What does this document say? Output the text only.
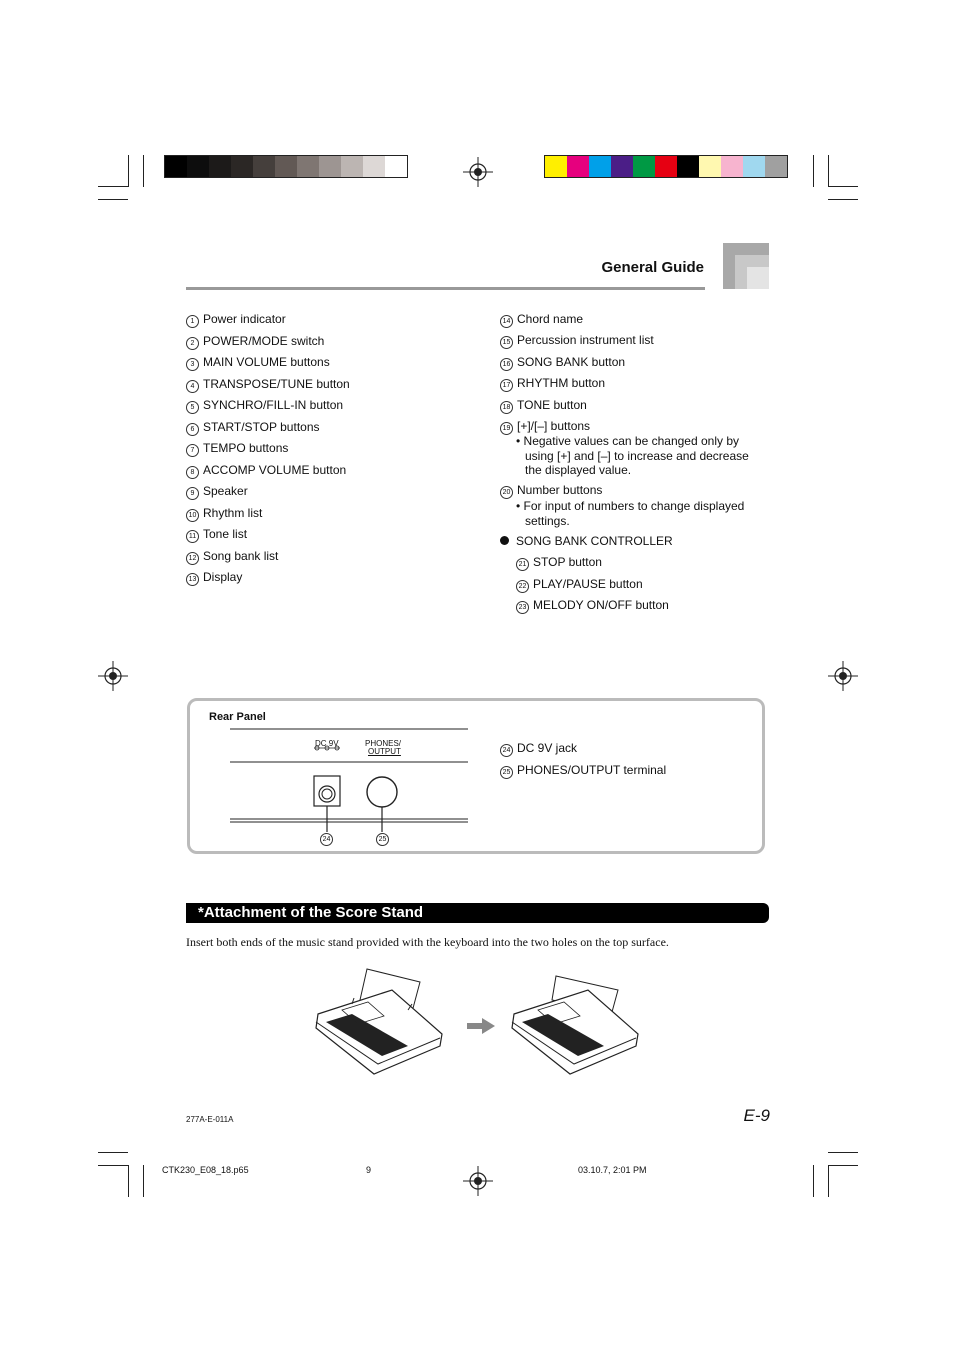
General Guide
1 Power indicator
2 POWER/MODE switch
3 MAIN VOLUME buttons
4 TRANSPOSE/TUNE button
5 SYNCHRO/FILL-IN button
6 START/STOP buttons
7 TEMPO buttons
8 ACCOMP VOLUME button
9 Speaker
10 Rhythm list
11 Tone list
12 Song bank list
13 Display
14 Chord name
15 Percussion instrument list
16 SONG BANK button
17 RHYTHM button
18 TONE button
19 [+]/[–] buttons
• Negative values can be changed only by
using [+] and [–] to increase and decrease
the displayed value.
20 Number buttons
• For input of numbers to change displayed
settings.
SONG BANK CONTROLLER
21 STOP button
22 PLAY/PAUSE button
23 MELODY ON/OFF button
Rear Panel
DC 9V	PHONES/
OUTPUT
24	25
24 DC 9V jack
25 PHONES/OUTPUT terminal
*Attachment of the Score Stand
Insert both ends of the music stand provided with the keyboard into the two holes on the top surface.
277A-E-011A	E-9
CTK230_E08_18.p65	9	03.10.7, 2:01 PM
